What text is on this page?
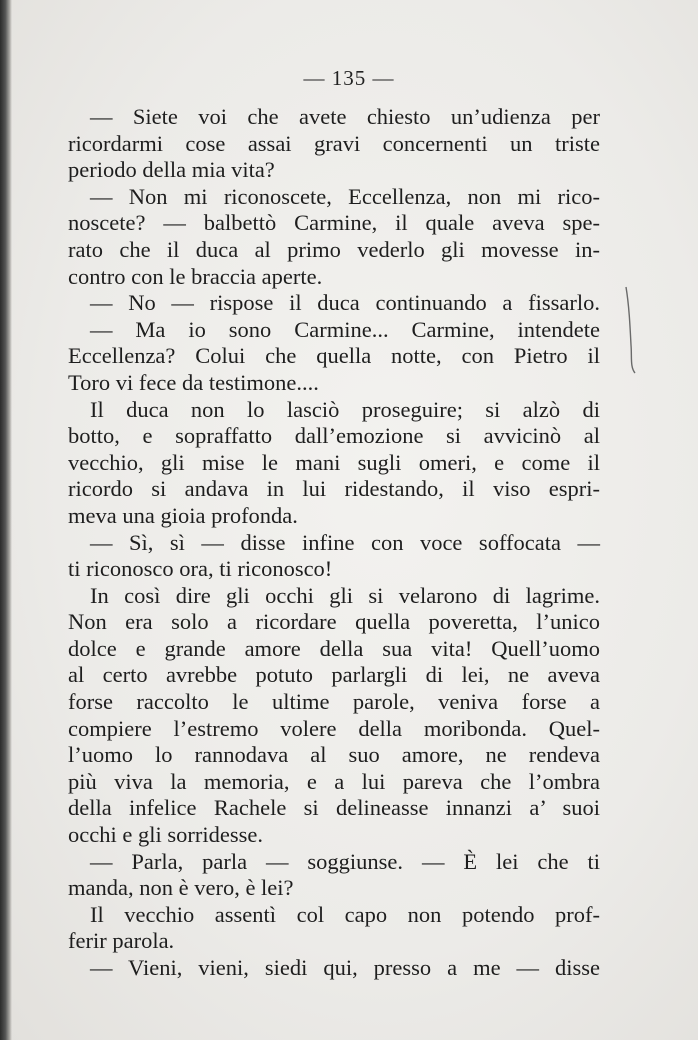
— 135 —
— Siete voi che avete chiesto un’udienza per
ricordarmi cose assai gravi concernenti un triste
periodo della mia vita?
— Non mi riconoscete, Eccellenza, non mi rico-
noscete? — balbettò Carmine, il quale aveva spe-
rato che il duca al primo vederlo gli movesse in-
contro con le braccia aperte.
— No — rispose il duca continuando a fissarlo.
— Ma io sono Carmine... Carmine, intendete
Eccellenza? Colui che quella notte, con Pietro il
Toro vi fece da testimone....
Il duca non lo lasciò proseguire; si alzò di
botto, e sopraffatto dall’emozione si avvicinò al
vecchio, gli mise le mani sugli omeri, e come il
ricordo si andava in lui ridestando, il viso espri-
meva una gioia profonda.
— Sì, sì — disse infine con voce soffocata —
ti riconosco ora, ti riconosco!
In così dire gli occhi gli si velarono di lagrime.
Non era solo a ricordare quella poveretta, l’unico
dolce e grande amore della sua vita! Quell’uomo
al certo avrebbe potuto parlargli di lei, ne aveva
forse raccolto le ultime parole, veniva forse a
compiere l’estremo volere della moribonda. Quel-
l’uomo lo rannodava al suo amore, ne rendeva
più viva la memoria, e a lui pareva che l’ombra
della infelice Rachele si delineasse innanzi a’ suoi
occhi e gli sorridesse.
— Parla, parla — soggiunse. — È lei che ti
manda, non è vero, è lei?
Il vecchio assentì col capo non potendo prof-
ferir parola.
— Vieni, vieni, siedi qui, presso a me — disse
